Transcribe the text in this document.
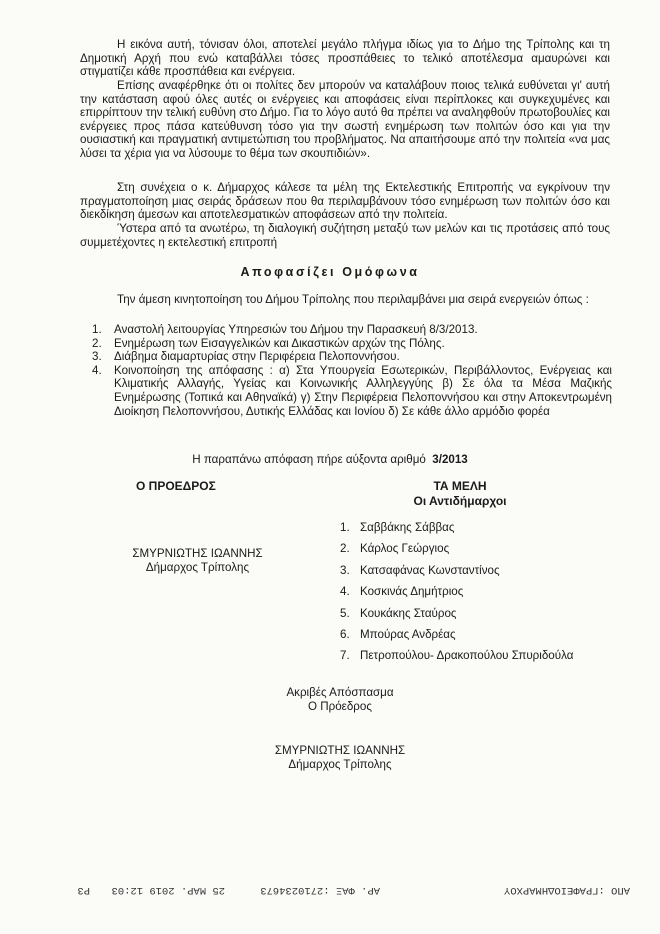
Η εικόνα αυτή, τόνισαν όλοι, αποτελεί μεγάλο πλήγμα ιδίως για το Δήμο της Τρίπολης και τη Δημοτική Αρχή που ενώ καταβάλλει τόσες προσπάθειες το τελικό αποτέλεσμα αμαυρώνει και στιγματίζει κάθε προσπάθεια και ενέργεια.
Επίσης αναφέρθηκε ότι οι πολίτες δεν μπορούν να καταλάβουν ποιος τελικά ευθύνεται γι' αυτή την κατάσταση αφού όλες αυτές οι ενέργειες και αποφάσεις είναι περίπλοκες και συγκεχυμένες και επιρρίπτουν την τελική ευθύνη στο Δήμο. Για το λόγο αυτό θα πρέπει να αναληφθούν πρωτοβουλίες και ενέργειες προς πάσα κατεύθυνση τόσο για την σωστή ενημέρωση των πολιτών όσο και για την ουσιαστική και πραγματική αντιμετώπιση του προβλήματος. Να απαιτήσουμε από την πολιτεία «να μας λύσει τα χέρια για να λύσουμε το θέμα των σκουπιδιών».
Στη συνέχεια ο κ. Δήμαρχος κάλεσε τα μέλη της Εκτελεστικής Επιτροπής να εγκρίνουν την πραγματοποίηση μιας σειράς δράσεων που θα περιλαμβάνουν τόσο ενημέρωση των πολιτών όσο και διεκδίκηση άμεσων και αποτελεσματικών αποφάσεων από την πολιτεία.
Ύστερα από τα ανωτέρω, τη διαλογική συζήτηση μεταξύ των μελών και τις προτάσεις από τους συμμετέχοντες η εκτελεστική επιτροπή
Αποφασίζει Ομόφωνα
Την άμεση κινητοποίηση του Δήμου Τρίπολης που περιλαμβάνει μια σειρά ενεργειών όπως :
1.	Αναστολή λειτουργίας Υπηρεσιών του Δήμου την Παρασκευή 8/3/2013.
2.	Ενημέρωση των Εισαγγελικών και Δικαστικών αρχών της Πόλης.
3.	Διάβημα διαμαρτυρίας στην Περιφέρεια Πελοποννήσου.
4.	Κοινοποίηση της απόφασης : α) Στα Υπουργεία Εσωτερικών, Περιβάλλοντος, Ενέργειας και Κλιματικής Αλλαγής, Υγείας και Κοινωνικής Αλληλεγγύης β) Σε όλα τα Μέσα Μαζικής Ενημέρωσης (Τοπικά και Αθηναϊκά) γ) Στην Περιφέρεια Πελοποννήσου και στην Αποκεντρωμένη Διοίκηση Πελοποννήσου, Δυτικής Ελλάδας και Ιονίου δ) Σε κάθε άλλο αρμόδιο φορέα
Η παραπάνω απόφαση πήρε αύξοντα αριθμό 3/2013
Ο ΠΡΟΕΔΡΟΣ	ΤΑ ΜΕΛΗ
Οι Αντιδήμαρχοι
ΣΜΥΡΝΙΩΤΗΣ ΙΩΑΝΝΗΣ
Δήμαρχος Τρίπολης
1. Σαββάκης Σάββας
2. Κάρλος Γεώργιος
3. Κατσαφάνας Κωνσταντίνος
4. Κοσκινάς Δημήτριος
5. Κουκάκης Σταύρος
6. Μπούρας Ανδρέας
7. Πετροπούλου- Δρακοπούλου Σπυριδούλα
Ακριβές Απόσπασμα
Ο Πρόεδρος
ΣΜΥΡΝΙΩΤΗΣ ΙΩΑΝΝΗΣ
Δήμαρχος Τρίπολης
ΑΠΟ :ΓΡΑΦΕΙΟΔΗΜΑΡΧΟΥ
ΑΡ. ΦΑΞ :2710234673
25 ΜΑΡ. 2019 12:03
Ρ3
